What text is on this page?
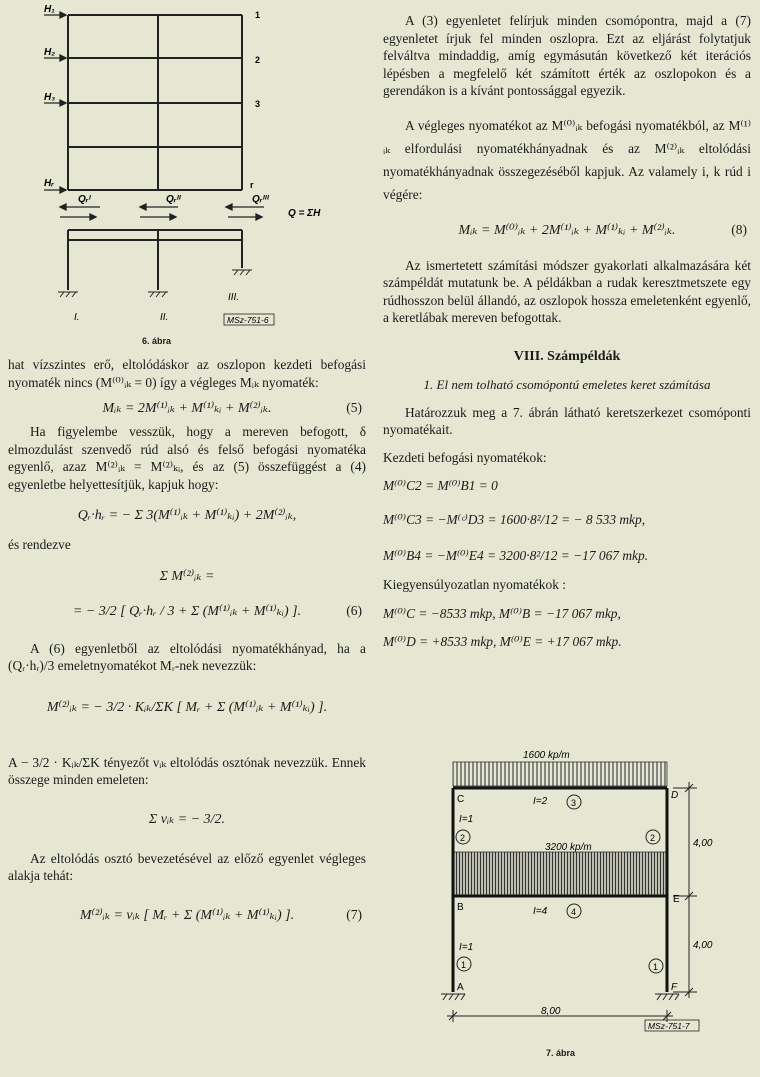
H₁
H₂
H₃
Hᵣ
1
2
3
r
Qᵣᴵ	Qᵣᴵᴵ	Qᵣᴵᴵᴵ
Q = ΣH
I.	II.
III.
MSz-751-6
6. ábra

hat vízszintes erő, eltolódáskor az oszlopon kezdeti befogási nyomaték nincs (M⁽⁰⁾ᵢₖ = 0) így a végleges Mᵢₖ nyomaték:

Mᵢₖ = 2M⁽¹⁾ᵢₖ + M⁽¹⁾ₖᵢ + M⁽²⁾ᵢₖ.	(5)

Ha figyelembe vesszük, hogy a mereven befogott, δ elmozdulást szenvedő rúd alsó és felső befogási nyomatéka egyenlő, azaz M⁽²⁾ᵢₖ = M⁽²⁾ₖᵢ, és az (5) összefüggést a (4) egyenletbe helyettesítjük, kapjuk hogy:

Qᵣ·hᵣ = − Σ 3(M⁽¹⁾ᵢₖ + M⁽¹⁾ₖᵢ) + 2M⁽²⁾ᵢₖ,

és rendezve

Σ M⁽²⁾ᵢₖ =
= − 3/2 [ Qᵣ·hᵣ / 3 + Σ (M⁽¹⁾ᵢₖ + M⁽¹⁾ₖᵢ) ].	(6)

A (6) egyenletből az eltolódási nyomatékhányad, ha a (Qᵣ·hᵣ)/3 emeletnyomatékot Mᵣ-nek nevezzük:

M⁽²⁾ᵢₖ = − 3/2 · Kᵢₖ/ΣK [ Mᵣ + Σ (M⁽¹⁾ᵢₖ + M⁽¹⁾ₖᵢ) ].

A − 3/2 · Kᵢₖ/ΣK tényezőt νᵢₖ eltolódás osztónak nevezzük. Ennek összege minden emeleten:

Σ νᵢₖ = − 3/2.

Az eltolódás osztó bevezetésével az előző egyenlet végleges alakja tehát:

M⁽²⁾ᵢₖ = νᵢₖ [ Mᵣ + Σ (M⁽¹⁾ᵢₖ + M⁽¹⁾ₖᵢ) ].	(7)

A (3) egyenletet felírjuk minden csomópontra, majd a (7) egyenletet írjuk fel minden oszlopra. Ezt az eljárást folytatjuk felváltva mindaddig, amíg egymásután következő két iterációs lépésben a megfelelő két számított érték az oszlopokon és a gerendákon is a kívánt pontossággal egyezik.

A végleges nyomatékot az M⁽⁰⁾ᵢₖ befogási nyomatékból, az M⁽¹⁾ᵢₖ elfordulási nyomatékhányadnak és az M⁽²⁾ᵢₖ eltolódási nyomatékhányadnak összegezéséből kapjuk. Az valamely i, k rúd i végére:

Mᵢₖ = M⁽⁰⁾ᵢₖ + 2M⁽¹⁾ᵢₖ + M⁽¹⁾ₖᵢ + M⁽²⁾ᵢₖ.	(8)

Az ismertetett számítási módszer gyakorlati alkalmazására két számpéldát mutatunk be. A példákban a rudak keresztmetszete egy rúdhosszon belül állandó, az oszlopok hossza emeletenként egyenlő, a keretlábak mereven befogottak.

VIII. Számpéldák
1. El nem tolható csomópontú emeletes keret számítása

Határozzuk meg a 7. ábrán látható keretszerkezet csomóponti nyomatékait.

Kezdeti befogási nyomatékok:

M⁽⁰⁾C2 = M⁽⁰⁾B1 = 0
M⁽⁰⁾C3 = −M⁽ᶜ⁾D3 = 1600·8²/12 = − 8 533 mkp,
M⁽⁰⁾B4 = −M⁽⁰⁾E4 = 3200·8²/12 = −17 067 mkp.

Kiegyensúlyozatlan nyomatékok :

M⁽⁰⁾C = −8533 mkp, M⁽⁰⁾B = −17 067 mkp,
M⁽⁰⁾D = +8533 mkp, M⁽⁰⁾E = +17 067 mkp.
1600 kp/m
3200 kp/m
C	D
B
E
A	F
I=2
I=4
I=1
I=1
3
2	2
4
1	1
4,00
4,00
8,00
MSz-751-7
7. ábra
